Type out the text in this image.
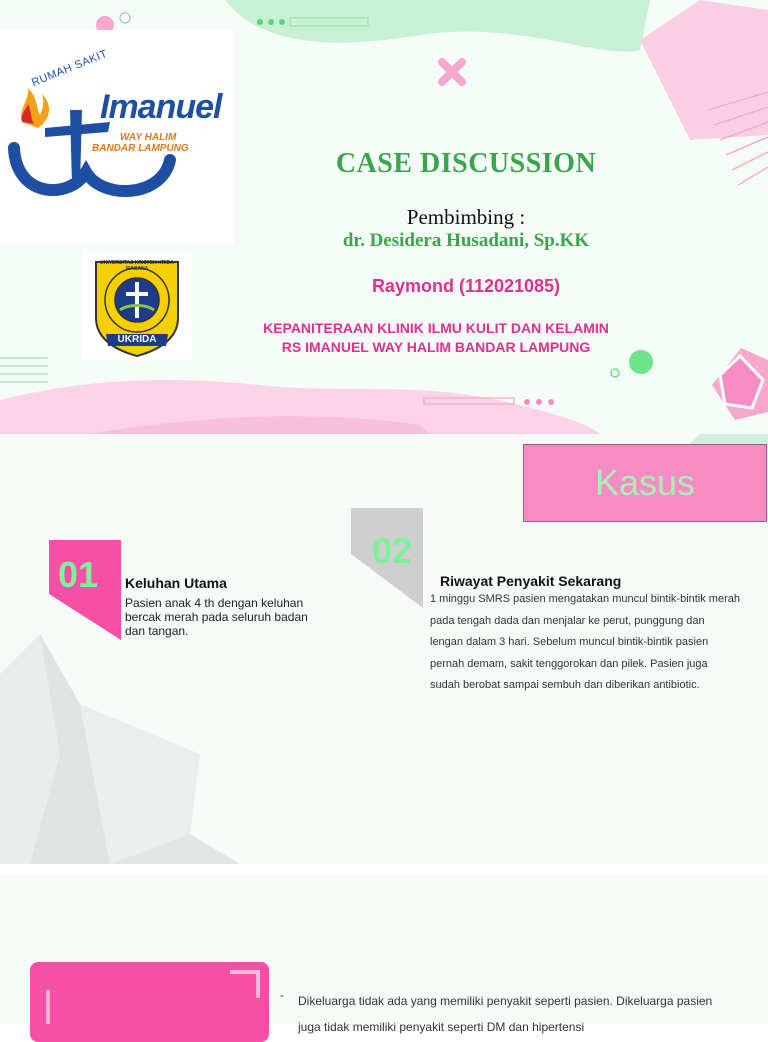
RUMAH SAKIT
Imanuel
WAY HALIM
BANDAR LAMPUNG
UNIVERSITAS KRISTEN KRIDA WACANA
UKRIDA
CASE DISCUSSION
Pembimbing :
dr. Desidera Husadani, Sp.KK
Raymond (112021085)
KEPANITERAAN KLINIK ILMU KULIT DAN KELAMIN
RS IMANUEL WAY HALIM BANDAR LAMPUNG
Kasus
01 Keluhan Utama
Pasien anak 4 th dengan keluhan bercak merah pada seluruh badan dan tangan.
02
Riwayat Penyakit Sekarang
1 minggu SMRS pasien mengatakan muncul bintik-bintik merah pada tengah dada dan menjalar ke perut, punggung dan lengan dalam 3 hari. Sebelum muncul bintik-bintik pasien pernah demam, sakit tenggorokan dan pilek. Pasien juga sudah berobat sampai sembuh dan diberikan antibiotic.
- Dikeluarga tidak ada yang memiliki penyakit seperti pasien. Dikeluarga pasien
juga tidak memiliki penyakit seperti DM dan hipertensi
